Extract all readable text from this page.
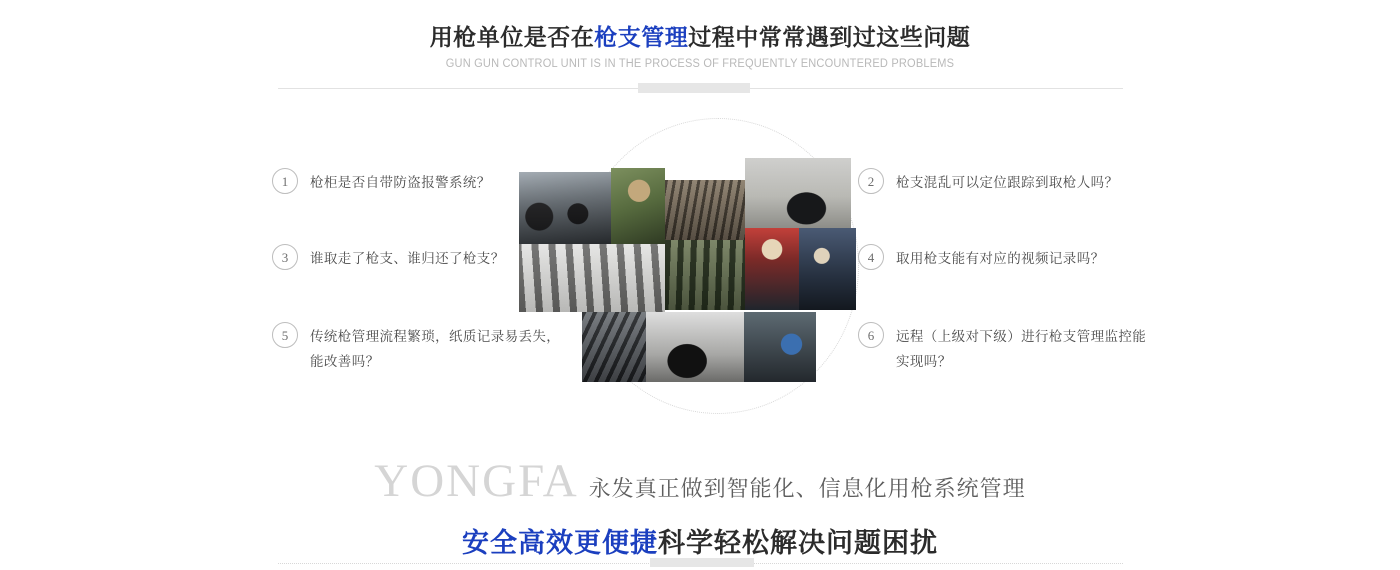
用枪单位是否在枪支管理过程中常常遇到过这些问题
GUN GUN CONTROL UNIT IS IN THE PROCESS OF FREQUENTLY ENCOUNTERED PROBLEMS
1	枪柜是否自带防盗报警系统？	2	枪支混乱可以定位跟踪到取枪人吗？
3	谁取走了枪支、谁归还了枪支？	4	取用枪支能有对应的视频记录吗？
5	传统枪管理流程繁琐，纸质记录易丢失，能改善吗？
6	远程（上级对下级）进行枪支管理监控能实现吗？
YONGFA 永发真正做到智能化、信息化用枪系统管理
安全高效更便捷科学轻松解决问题困扰
